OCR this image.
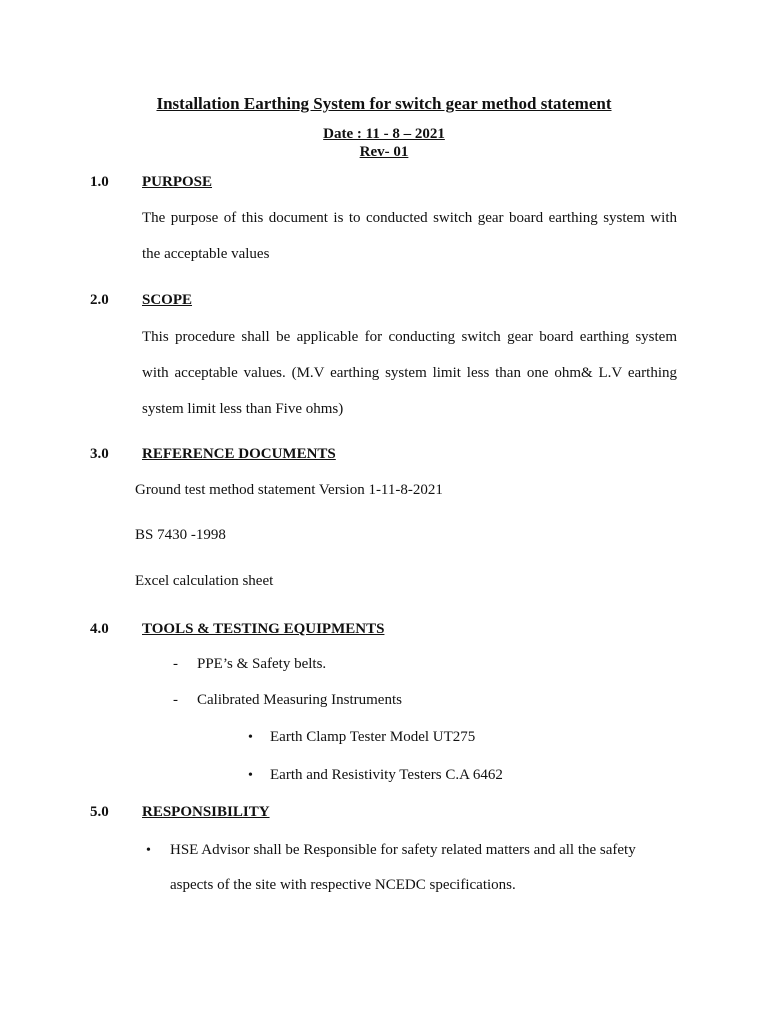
Installation Earthing System for switch gear method statement
Date : 11 - 8 – 2021
Rev- 01
1.0 PURPOSE
The purpose of this document is to conducted switch gear board earthing system with
the acceptable values
2.0 SCOPE
This procedure shall be applicable for conducting switch gear board earthing system
with acceptable values. (M.V earthing system limit less than one ohm& L.V earthing
system limit less than Five ohms)
3.0 REFERENCE DOCUMENTS
Ground test method statement Version 1-11-8-2021
BS 7430 -1998
Excel calculation sheet
4.0 TOOLS & TESTING EQUIPMENTS
- PPE’s & Safety belts.
- Calibrated Measuring Instruments
• Earth Clamp Tester Model UT275
• Earth and Resistivity Testers C.A 6462
5.0 RESPONSIBILITY
• HSE Advisor shall be Responsible for safety related matters and all the safety
aspects of the site with respective NCEDC specifications.
